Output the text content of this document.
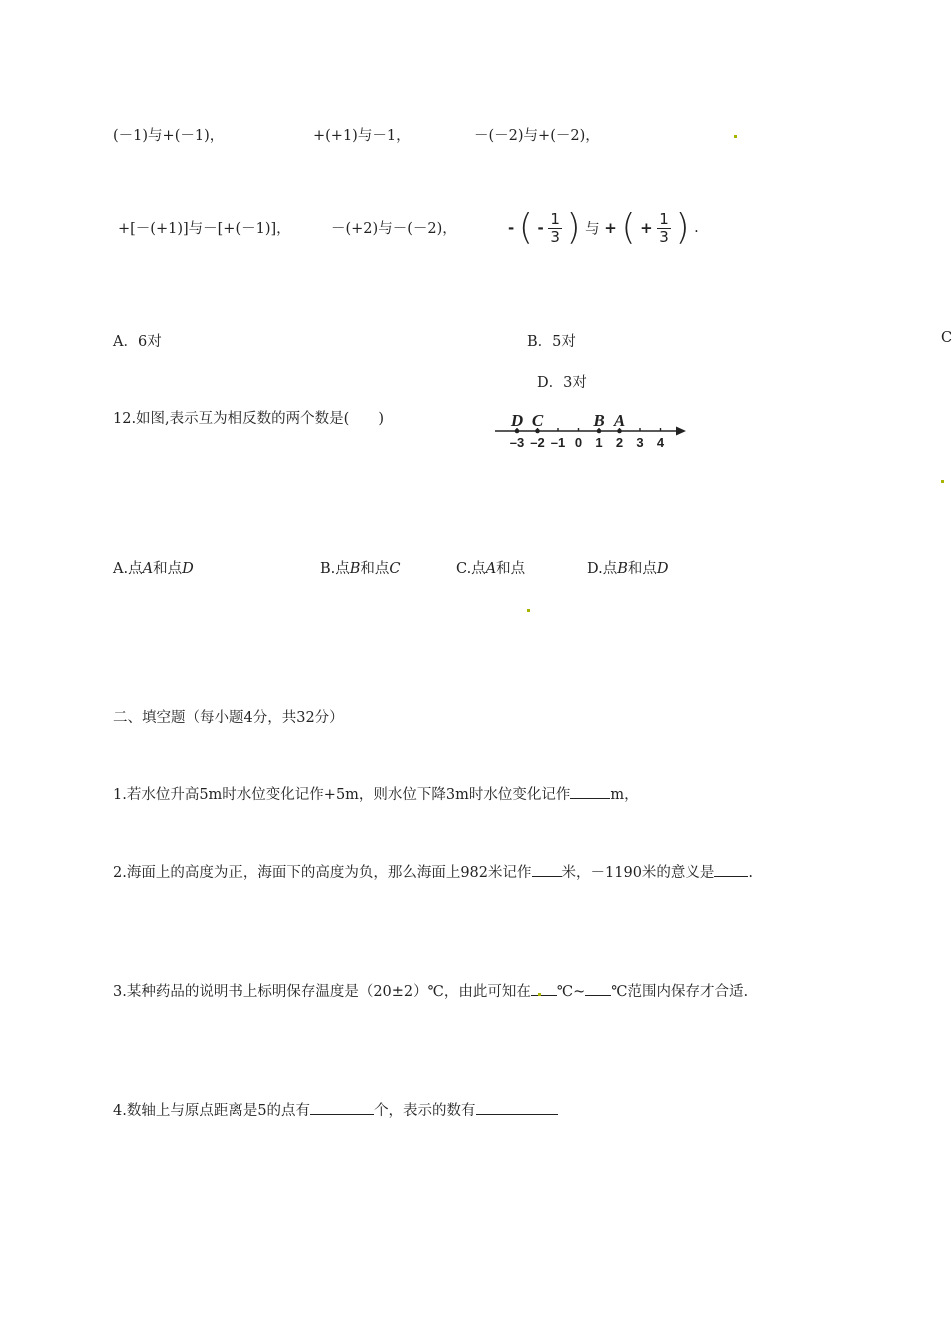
(－1)与+(－1)，	+(+1)与－1，	－(－2)与+(－2)，
+[－(+1)]与－[+(－1)]，	－(+2)与－(－2)，	- ( - $\frac{1}{3}$ ) 与 + ( + $\frac{1}{3}$ ) .
A．6对	B．5对	C
D．3对
12.如图,表示互为相反数的两个数是(　　)
–3 –2 –1 0 1 2 3 4
D C	B A
A.点A和点D	B.点B和点C	C.点A和点	D.点B和点D
二、填空题（每小题4分，共32分）
1.若水位升高5m时水位变化记作+5m，则水位下降3m时水位变化记作	m，
2.海面上的高度为正，海面下的高度为负，那么海面上982米记作 米，－1190米的意义是 .
3.某种药品的说明书上标明保存温度是（20±2）℃，由此可知在 ℃~ ℃范围内保存才合适.
4.数轴上与原点距离是5的点有	个，表示的数有
